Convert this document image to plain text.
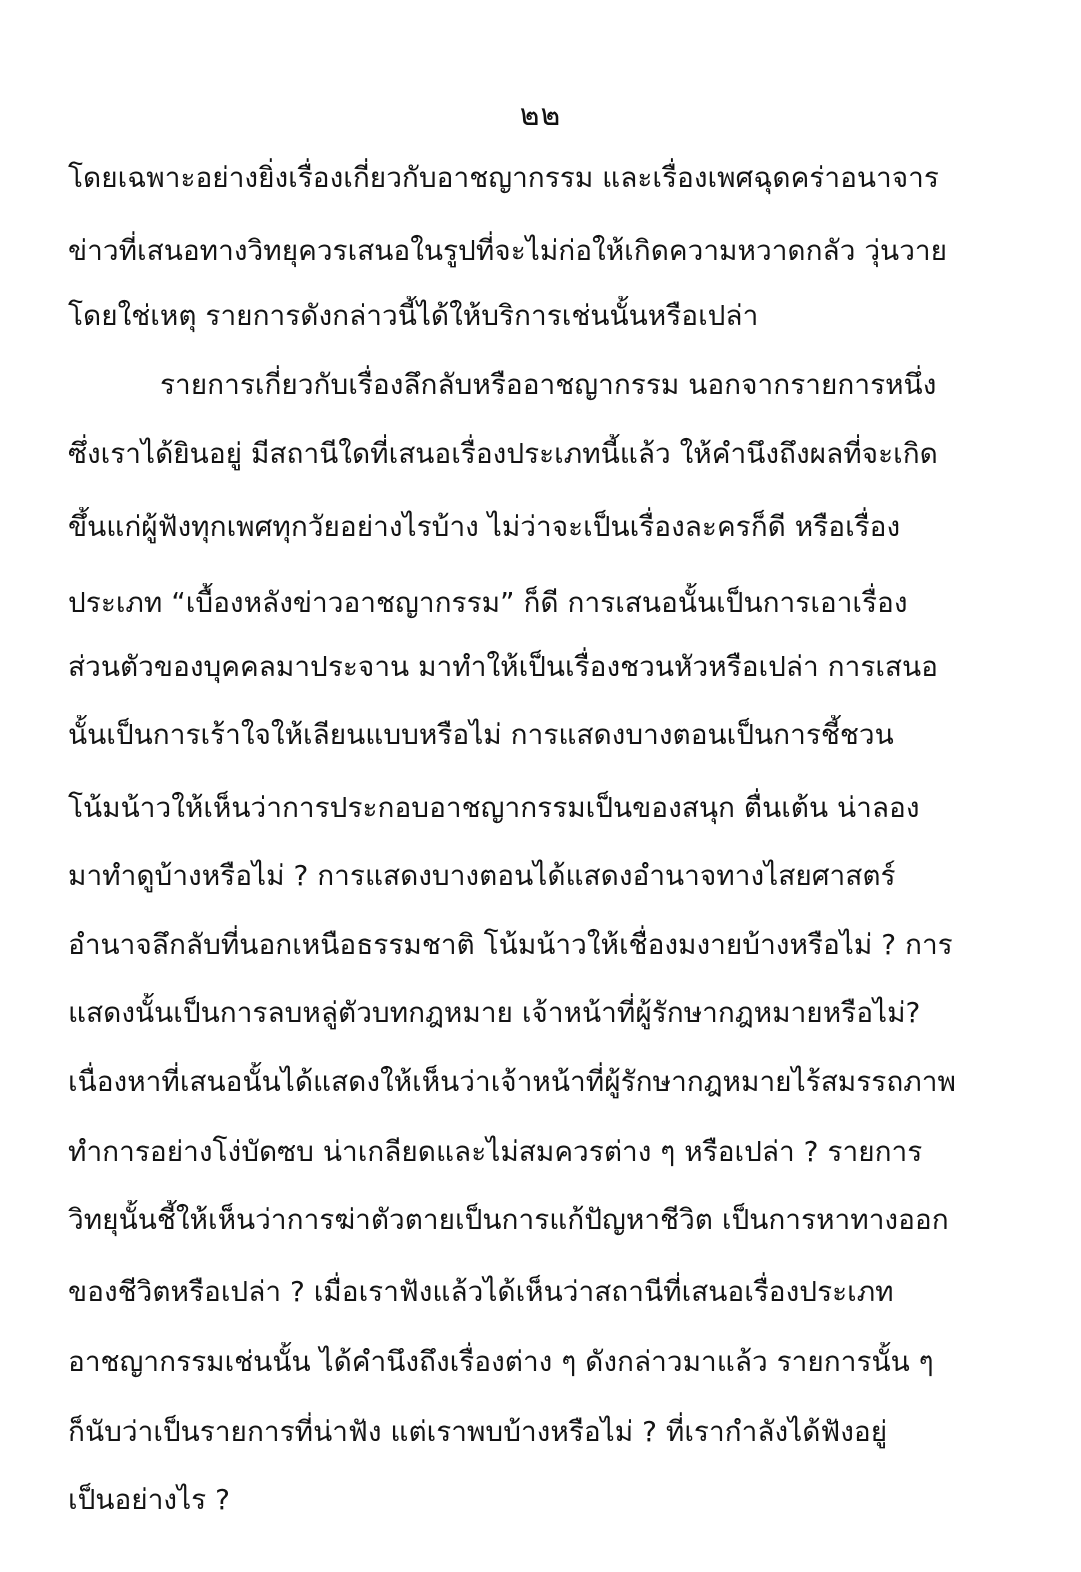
๒๒
โดยเฉพาะอย่างยิ่งเรื่องเกี่ยวกับอาชญากรรม และเรื่องเพศฉุดคร่าอนาจาร
ข่าวที่เสนอทางวิทยุควรเสนอในรูปที่จะไม่ก่อให้เกิดความหวาดกลัว วุ่นวาย
โดยใช่เหตุ รายการดังกล่าวนี้ได้ให้บริการเช่นนั้นหรือเปล่า
รายการเกี่ยวกับเรื่องลึกลับหรืออาชญากรรม นอกจากรายการหนึ่ง
ซึ่งเราได้ยินอยู่ มีสถานีใดที่เสนอเรื่องประเภทนี้แล้ว ให้คำนึงถึงผลที่จะเกิด
ขึ้นแก่ผู้ฟังทุกเพศทุกวัยอย่างไรบ้าง ไม่ว่าจะเป็นเรื่องละครก็ดี หรือเรื่อง
ประเภท “เบื้องหลังข่าวอาชญากรรม” ก็ดี การเสนอนั้นเป็นการเอาเรื่อง
ส่วนตัวของบุคคลมาประจาน มาทำให้เป็นเรื่องชวนหัวหรือเปล่า การเสนอ
นั้นเป็นการเร้าใจให้เลียนแบบหรือไม่ การแสดงบางตอนเป็นการชี้ชวน
โน้มน้าวให้เห็นว่าการประกอบอาชญากรรมเป็นของสนุก ตื่นเต้น น่าลอง
มาทำดูบ้างหรือไม่ ? การแสดงบางตอนได้แสดงอำนาจทางไสยศาสตร์
อำนาจลึกลับที่นอกเหนือธรรมชาติ โน้มน้าวให้เชื่องมงายบ้างหรือไม่ ? การ
แสดงนั้นเป็นการลบหลู่ตัวบทกฎหมาย เจ้าหน้าที่ผู้รักษากฎหมายหรือไม่?
เนื่องหาที่เสนอนั้นได้แสดงให้เห็นว่าเจ้าหน้าที่ผู้รักษากฎหมายไร้สมรรถภาพ
ทำการอย่างโง่บัดซบ น่าเกลียดและไม่สมควรต่าง ๆ หรือเปล่า ? รายการ
วิทยุนั้นชี้ให้เห็นว่าการฆ่าตัวตายเป็นการแก้ปัญหาชีวิต เป็นการหาทางออก
ของชีวิตหรือเปล่า ? เมื่อเราฟังแล้วได้เห็นว่าสถานีที่เสนอเรื่องประเภท
อาชญากรรมเช่นนั้น ได้คำนึงถึงเรื่องต่าง ๆ ดังกล่าวมาแล้ว รายการนั้น ๆ
ก็นับว่าเป็นรายการที่น่าฟัง แต่เราพบบ้างหรือไม่ ? ที่เรากำลังได้ฟังอยู่
เป็นอย่างไร ?
